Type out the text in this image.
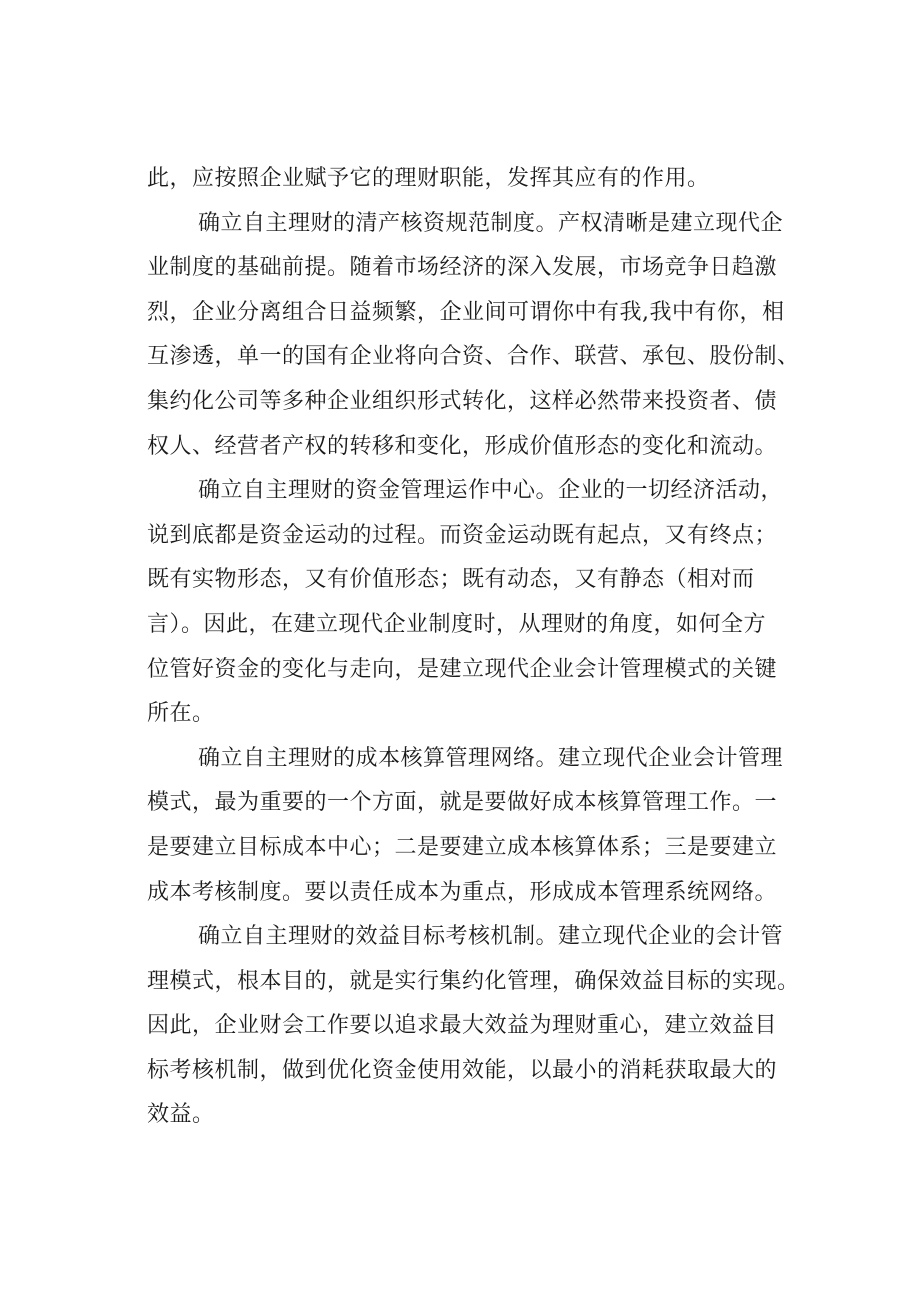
此，应按照企业赋予它的理财职能，发挥其应有的作用。
确立自主理财的清产核资规范制度。产权清晰是建立现代企
业制度的基础前提。随着市场经济的深入发展，市场竞争日趋激
烈，企业分离组合日益频繁，企业间可谓你中有我,我中有你，相
互渗透，单一的国有企业将向合资、合作、联营、承包、股份制、
集约化公司等多种企业组织形式转化，这样必然带来投资者、债
权人、经营者产权的转移和变化，形成价值形态的变化和流动。
确立自主理财的资金管理运作中心。企业的一切经济活动，
说到底都是资金运动的过程。而资金运动既有起点，又有终点；
既有实物形态，又有价值形态；既有动态，又有静态（相对而
言）。因此，在建立现代企业制度时，从理财的角度，如何全方
位管好资金的变化与走向，是建立现代企业会计管理模式的关键
所在。
确立自主理财的成本核算管理网络。建立现代企业会计管理
模式，最为重要的一个方面，就是要做好成本核算管理工作。一
是要建立目标成本中心；二是要建立成本核算体系；三是要建立
成本考核制度。要以责任成本为重点，形成成本管理系统网络。
确立自主理财的效益目标考核机制。建立现代企业的会计管
理模式，根本目的，就是实行集约化管理，确保效益目标的实现。
因此，企业财会工作要以追求最大效益为理财重心，建立效益目
标考核机制，做到优化资金使用效能，以最小的消耗获取最大的
效益。
